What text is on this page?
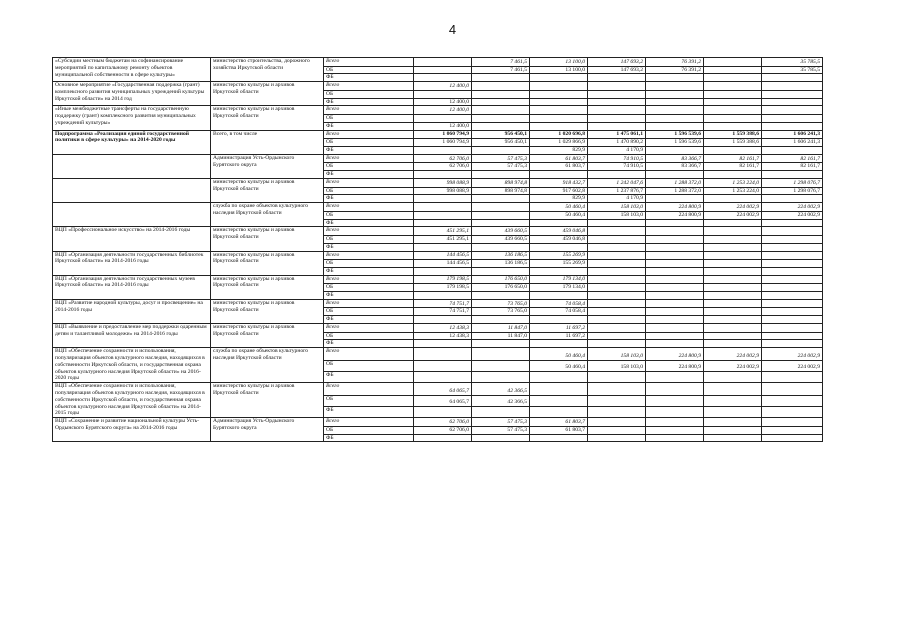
4
«Субсидии местным бюджетам на софинансирование мероприятий по капитальному ремонту объектов муниципальной собственности в сфере культуры»	министерство строительства, дорожного хозяйства Иркутской области	Всего		7 461,5	13 100,0	147 693,2	76 391,2		35 785,5
		ОБ		7 461,5	13 100,0	147 693,2	76 391,2		35 785,5
		ФБ							
Основное мероприятие «Государственная поддержка (грант) комплексного развития муниципальных учреждений культуры Иркутской области» на 2014 год	министерство культуры и архивов Иркутской области	Всего	12 400,0						
		ОБ							
		ФБ	12 400,0						
«Иные межбюджетные трансферты на государственную поддержку (грант) комплексного развития муниципальных учреждений культуры»	министерство культуры и архивов Иркутской области	Всего	12 400,0						
		ОБ							
		ФБ	12 400,0						
Подпрограмма «Реализация единой государственной политики в сфере культуры» на 2014-2020 годы	Всего, в том числе	Всего	1 060 794,9	956 450,1	1 020 696,8	1 475 061,1	1 596 539,6	1 559 388,6	1 606 241,3
		ОБ	1 060 794,9	956 450,1	1 029 866,9	1 470 890,2	1 596 539,6	1 559 388,6	1 606 241,3
		ФБ			829,9	4 170,9			
	Администрация Усть-Ордынского Бурятского округа	Всего	62 706,0	57 475,3	61 803,7	74 910,5	83 366,7	82 161,7	82 161,7
		ОБ	62 706,0	57 475,3	61 803,7	74 910,5	83 366,7	82 161,7	82 161,7
		ФБ							
	министерство культуры и архивов Иркутской области	Всего	998 088,9	898 974,8	918 432,7	1 242 047,6	1 288 372,0	1 253 224,0	1 298 076,7
		ОБ	998 088,9	898 974,8	917 602,8	1 237 876,7	1 288 372,0	1 253 224,0	1 298 076,7
		ФБ			829,9	4 170,9			
	служба по охране объектов культурного наследия Иркутской области	Всего			50 460,4	158 103,0	224 800,9	224 002,9	224 002,9
		ОБ			50 460,4	158 103,0	224 800,9	224 002,9	224 002,9
		ФБ							
ВЦП «Профессиональное искусство» на 2014-2016 годы	министерство культуры и архивов Иркутской области	Всего	451 295,1	439 660,5	459 046,8				
		ОБ	451 295,1	439 660,5	459 046,8				
		ФБ							
ВЦП «Организация деятельности государственных библиотек Иркутской области» на 2014-2016 годы	министерство культуры и архивов Иркутской области	Всего	144 456,5	136 186,5	155 269,9				
		ОБ	144 456,5	136 186,5	155 269,9				
		ФБ							
ВЦП «Организация деятельности государственных музеев Иркутской области» на 2014-2016 годы	министерство культуры и архивов Иркутской области	Всего	179 198,5	176 650,0	179 134,0				
		ОБ	179 198,5	176 650,0	179 134,0				
		ФБ							
ВЦП «Развитие народной культуры, досуг и просвещение» на 2014-2016 годы	министерство культуры и архивов Иркутской области	Всего	74 751,7	73 765,0	74 058,4				
		ОБ	74 751,7	73 765,0	74 058,4				
		ФБ							
ВЦП «Выявление и предоставление мер поддержки одаренным детям и талантливой молодежи» на 2014-2016 годы	министерство культуры и архивов Иркутской области	Всего	12 438,3	11 847,0	11 697,2				
		ОБ	12 438,3	11 847,0	11 697,2				
		ФБ							
ВЦП «Обеспечение сохранности и использования, популяризация объектов культурного наследия, находящихся в собственности Иркутской области, и государственная охрана объектов культурного наследия Иркутской области» на 2016-2020 годы	служба по охране объектов культурного наследия Иркутской области	Всего			50 460,4	158 103,0	224 800,9	224 002,9	224 002,9
		ОБ			50 460,4	158 103,0	224 800,9	224 002,9	224 002,9
		ФБ							
ВЦП «Обеспечение сохранности и использования, популяризация объектов культурного наследия, находящихся в собственности Иркутской области, и государственная охрана объектов культурного наследия Иркутской области» на 2014-2015 годы	министерство культуры и архивов Иркутской области	Всего	64 065,7	42 366,5					
		ОБ	64 065,7	42 366,5					
		ФБ							
ВЦП «Сохранение и развитие национальной культуры Усть-Ордынского Бурятского округа» на 2014-2016 годы	Администрация Усть-Ордынского Бурятского округа	Всего	62 706,0	57 475,3	61 803,7				
		ОБ	62 706,0	57 475,3	61 803,7				
		ФБ							
